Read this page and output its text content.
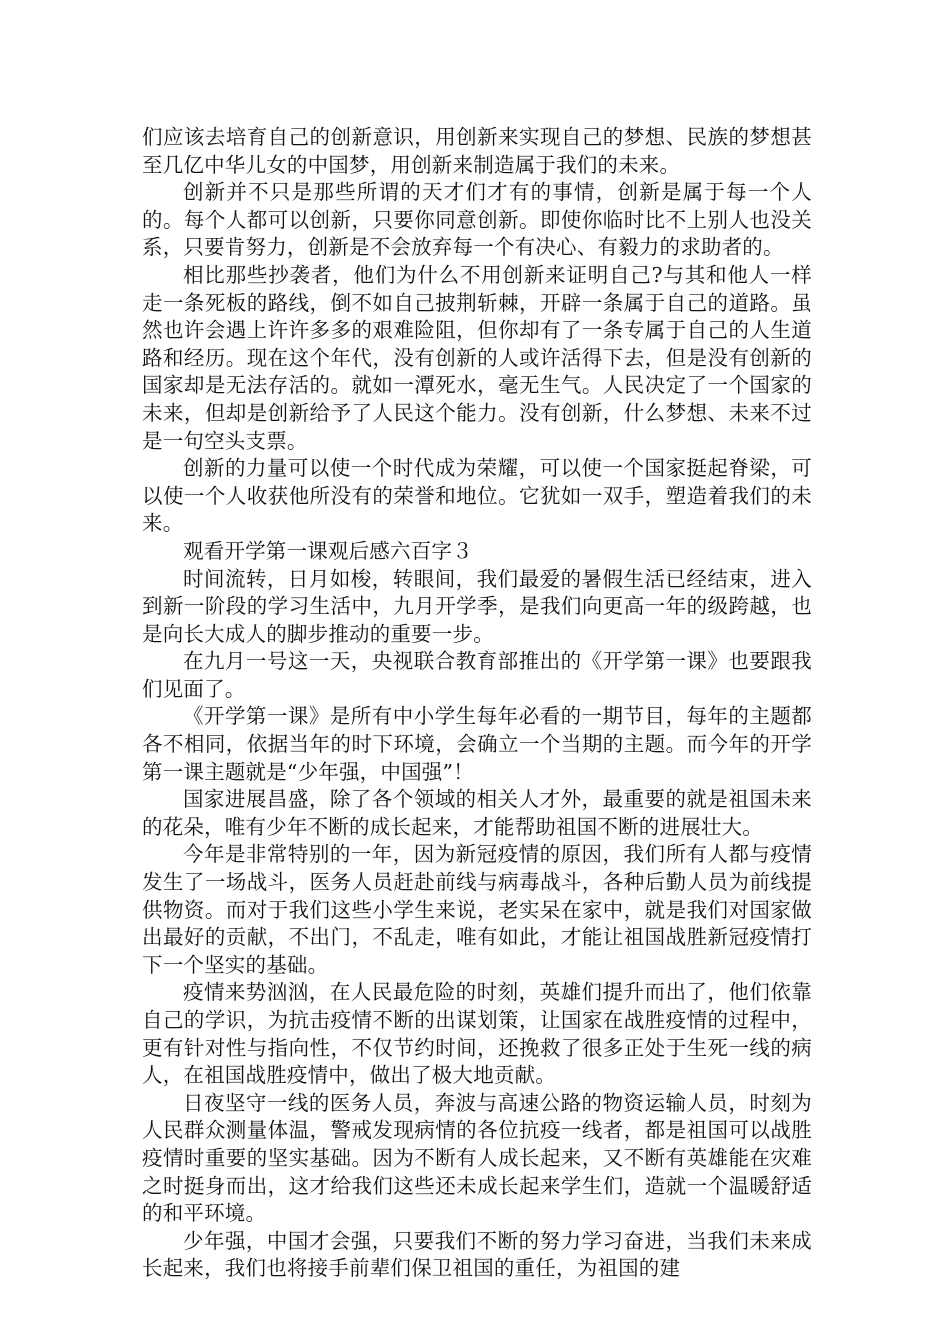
们应该去培育自己的创新意识，用创新来实现自己的梦想、民族的梦想甚至几亿中华儿女的中国梦，用创新来制造属于我们的未来。

创新并不只是那些所谓的天才们才有的事情，创新是属于每一个人的。每个人都可以创新，只要你同意创新。即使你临时比不上别人也没关系，只要肯努力，创新是不会放弃每一个有决心、有毅力的求助者的。

相比那些抄袭者，他们为什么不用创新来证明自己?与其和他人一样走一条死板的路线，倒不如自己披荆斩棘，开辟一条属于自己的道路。虽然也许会遇上许许多多的艰难险阻，但你却有了一条专属于自己的人生道路和经历。现在这个年代，没有创新的人或许活得下去，但是没有创新的国家却是无法存活的。就如一潭死水，毫无生气。人民决定了一个国家的未来，但却是创新给予了人民这个能力。没有创新，什么梦想、未来不过是一句空头支票。

创新的力量可以使一个时代成为荣耀，可以使一个国家挺起脊梁，可以使一个人收获他所没有的荣誉和地位。它犹如一双手，塑造着我们的未来。

观看开学第一课观后感六百字３

时间流转，日月如梭，转眼间，我们最爱的暑假生活已经结束，进入到新一阶段的学习生活中，九月开学季，是我们向更高一年的级跨越，也是向长大成人的脚步推动的重要一步。

在九月一号这一天，央视联合教育部推出的《开学第一课》也要跟我们见面了。

《开学第一课》是所有中小学生每年必看的一期节目，每年的主题都各不相同，依据当年的时下环境，会确立一个当期的主题。而今年的开学第一课主题就是“少年强，中国强”！

国家进展昌盛，除了各个领域的相关人才外，最重要的就是祖国未来的花朵，唯有少年不断的成长起来，才能帮助祖国不断的进展壮大。

今年是非常特别的一年，因为新冠疫情的原因，我们所有人都与疫情发生了一场战斗，医务人员赶赴前线与病毒战斗，各种后勤人员为前线提供物资。而对于我们这些小学生来说，老实呆在家中，就是我们对国家做出最好的贡献，不出门，不乱走，唯有如此，才能让祖国战胜新冠疫情打下一个坚实的基础。

疫情来势汹汹，在人民最危险的时刻，英雄们提升而出了，他们依靠自己的学识，为抗击疫情不断的出谋划策，让国家在战胜疫情的过程中，更有针对性与指向性，不仅节约时间，还挽救了很多正处于生死一线的病人，在祖国战胜疫情中，做出了极大地贡献。

日夜坚守一线的医务人员，奔波与高速公路的物资运输人员，时刻为人民群众测量体温，警戒发现病情的各位抗疫一线者，都是祖国可以战胜疫情时重要的坚实基础。因为不断有人成长起来，又不断有英雄能在灾难之时挺身而出，这才给我们这些还未成长起来学生们，造就一个温暖舒适的和平环境。

少年强，中国才会强，只要我们不断的努力学习奋进，当我们未来成长起来，我们也将接手前辈们保卫祖国的重任，为祖国的建
